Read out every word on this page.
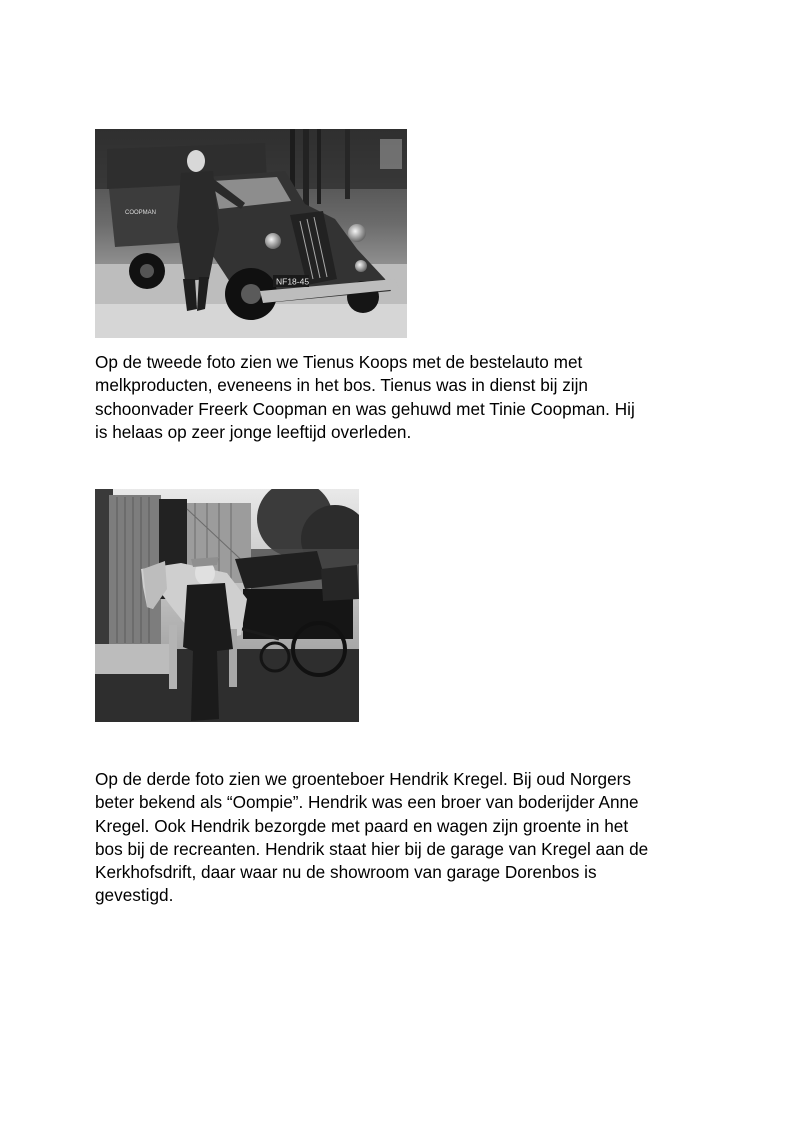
NF18-45
COOPMAN

Op de tweede foto zien we Tienus Koops met de bestelauto met
melkproducten, eveneens in het bos. Tienus was in dienst bij zijn
schoonvader Freerk Coopman en was gehuwd met Tinie Coopman. Hij
is helaas op zeer jonge leeftijd overleden.

Op de derde foto zien we groenteboer Hendrik Kregel. Bij oud Norgers
beter bekend als “Oompie”. Hendrik was een broer van boderijder Anne
Kregel. Ook Hendrik bezorgde met paard en wagen zijn groente in het
bos bij de recreanten. Hendrik staat hier bij de garage van Kregel aan de
Kerkhofsdrift, daar waar nu de showroom van garage Dorenbos is
gevestigd.
